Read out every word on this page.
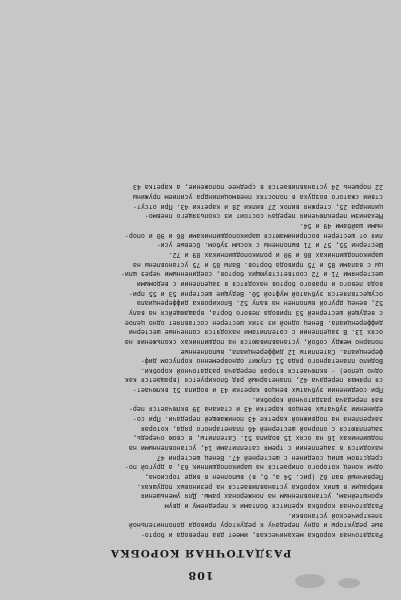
108
РАЗДАТОЧНАЯ КОРОБКА
Раздаточная коробка механическая, имеет два перевода и борто-
вые редукторы и одну передачу к редуктору привода дополнительной
электрической установки.
Раздаточная коробка крепится болтами к переднему и двум
кронштейнам, установленным на лонжеронах рамы. Для уменьшения
вибрации в шлих коробка устанавливается на резиновых подушках.
Первичный вал 62 (рис. 54 а, б, в) выполнен в виде торсиона,
одни конец которого опирается на шарикоподшипник 63, а другой по-
средством шлиц соединен с шестерней 47. Венец шестерни 47
находится в зацеплении с тремя сателлитами 14, установленными на
подшипниках 16 на осях 15 водила 51. Сателлиты, в свою очередь,
зацепляются с опорной шестерней 46 планетарного ряда, которая
закреплена на подвижной каретке 43 понижающей передачи. При со-
единении зубчатых венцов каретки 43 и стакана 39 включается пер-
вая передача раздаточной коробки.
При соединении зубчатых венцов каретки 43 и водила 51 включает-
ся прямая передача 42, планетарный ряд блокируется (вращается как
одно целое) - включается вторая передача раздаточной коробки.
Водило планетарного ряда 51 служит одновременно корпусом диф-
ференциала. Сателлиты 12 дифференциала, выполненные
попарно между собой, устанавливаются на подшипниках скольжения на
осях 13. В зацеплении с сателлитами находятся солнечные шестерни
дифференциала. Венец одной из этих шестерен составляет одно целое
с ведущей шестерней 53 привода левого борта, вращающейся на валу
52, венец другой выполнен на валу 52. Блокировка дифференциала
осуществляется зубчатой муфтой 50. Ведущие шестерни 53 и 55 при-
вода левого и правого бортов находятся в зацеплении с ведомыми
шестернями 71 и 72 соответствующих бортов, соединенными через шли-
цы с валами 85 и 75 привода бортов. Валы 85 и 75 установлены на
шарикоподшипниках 86 и 90 и роликоподшипниках 89 и 72.
Шестерни 55, 57 и 71 выполнены с косым зубом. Осевые уси-
лия от шестерен воспринимаются шарикоподшипниками 86 и 90 и опор-
ными шайбами 49 и 54.
Механизм переключения передач состоит из скользящего пневмо-
цилиндра 25, стержня вилок 27 вилки 28 и каретки 43. При отсут-
ствии сжатого воздуха в полостях пневмоцилиндра усилием пружины
22 поршень 24 устанавливается в среднее положение, а каретка 43
